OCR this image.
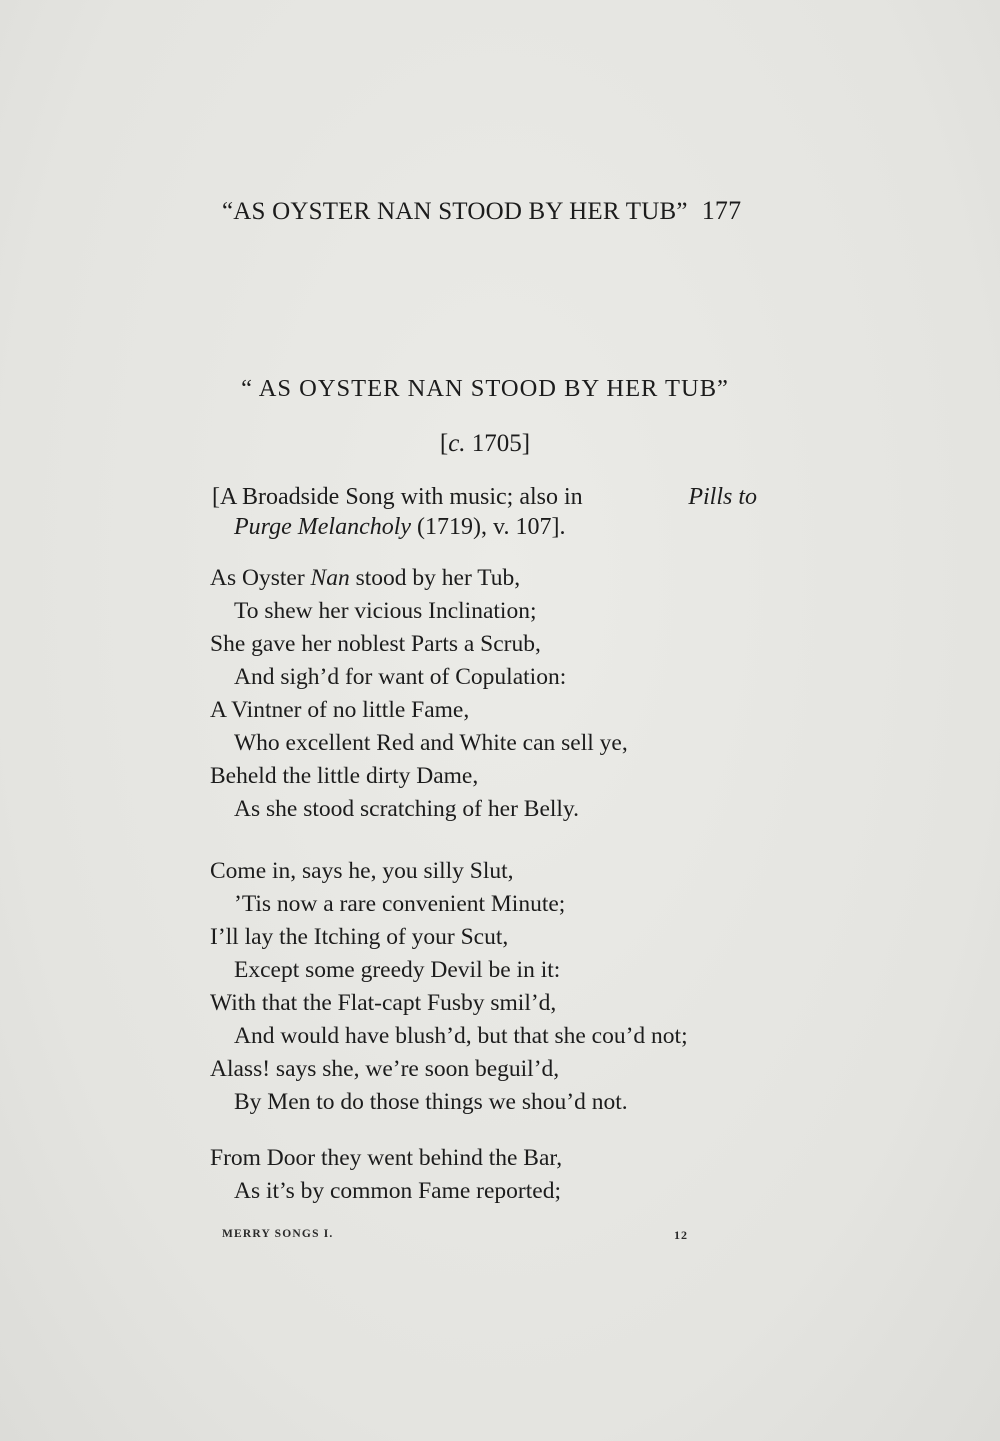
“AS OYSTER NAN STOOD BY HER TUB” 177
“ AS OYSTER NAN STOOD BY HER TUB”
[c. 1705]
[A Broadside Song with music; also in	Pills to
Purge Melancholy (1719), v. 107].
As Oyster Nan stood by her Tub,
To shew her vicious Inclination;
She gave her noblest Parts a Scrub,
And sigh’d for want of Copulation:
A Vintner of no little Fame,
Who excellent Red and White can sell ye,
Beheld the little dirty Dame,
As she stood scratching of her Belly.
Come in, says he, you silly Slut,
’Tis now a rare convenient Minute;
I’ll lay the Itching of your Scut,
Except some greedy Devil be in it:
With that the Flat-capt Fusby smil’d,
And would have blush’d, but that she cou’d not;
Alass! says she, we’re soon beguil’d,
By Men to do those things we shou’d not.
From Door they went behind the Bar,
As it’s by common Fame reported;
MERRY SONGS I.	12
